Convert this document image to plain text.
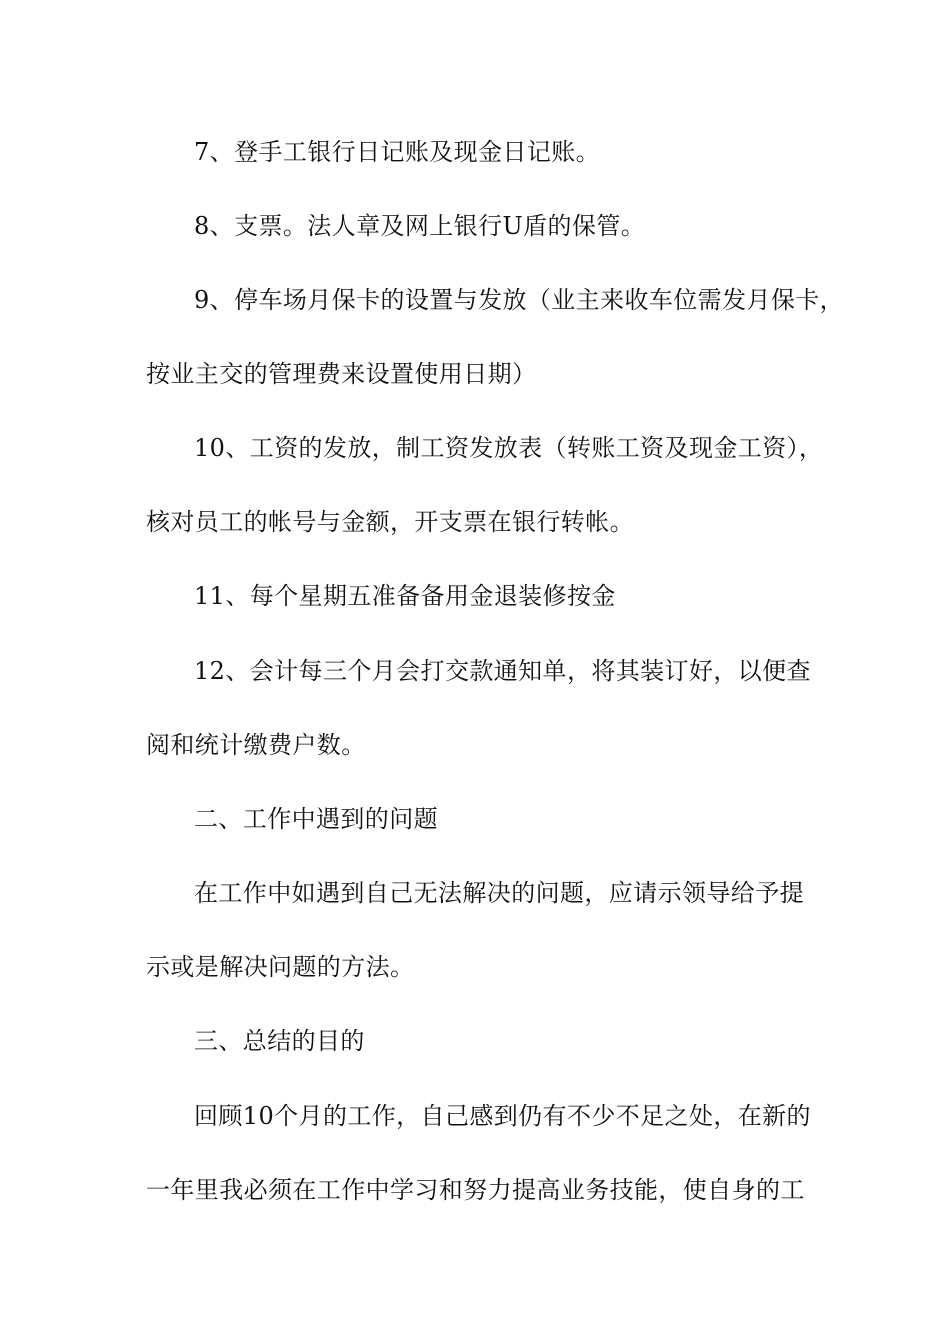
7、登手工银行日记账及现金日记账。
8、支票。法人章及网上银行U盾的保管。
9、停车场月保卡的设置与发放（业主来收车位需发月保卡，
按业主交的管理费来设置使用日期）
10、工资的发放，制工资发放表（转账工资及现金工资），
核对员工的帐号与金额，开支票在银行转帐。
11、每个星期五准备备用金退装修按金
12、会计每三个月会打交款通知单，将其装订好，以便查
阅和统计缴费户数。
二、工作中遇到的问题
在工作中如遇到自己无法解决的问题，应请示领导给予提
示或是解决问题的方法。
三、总结的目的
回顾10个月的工作，自己感到仍有不少不足之处，在新的
一年里我必须在工作中学习和努力提高业务技能，使自身的工
